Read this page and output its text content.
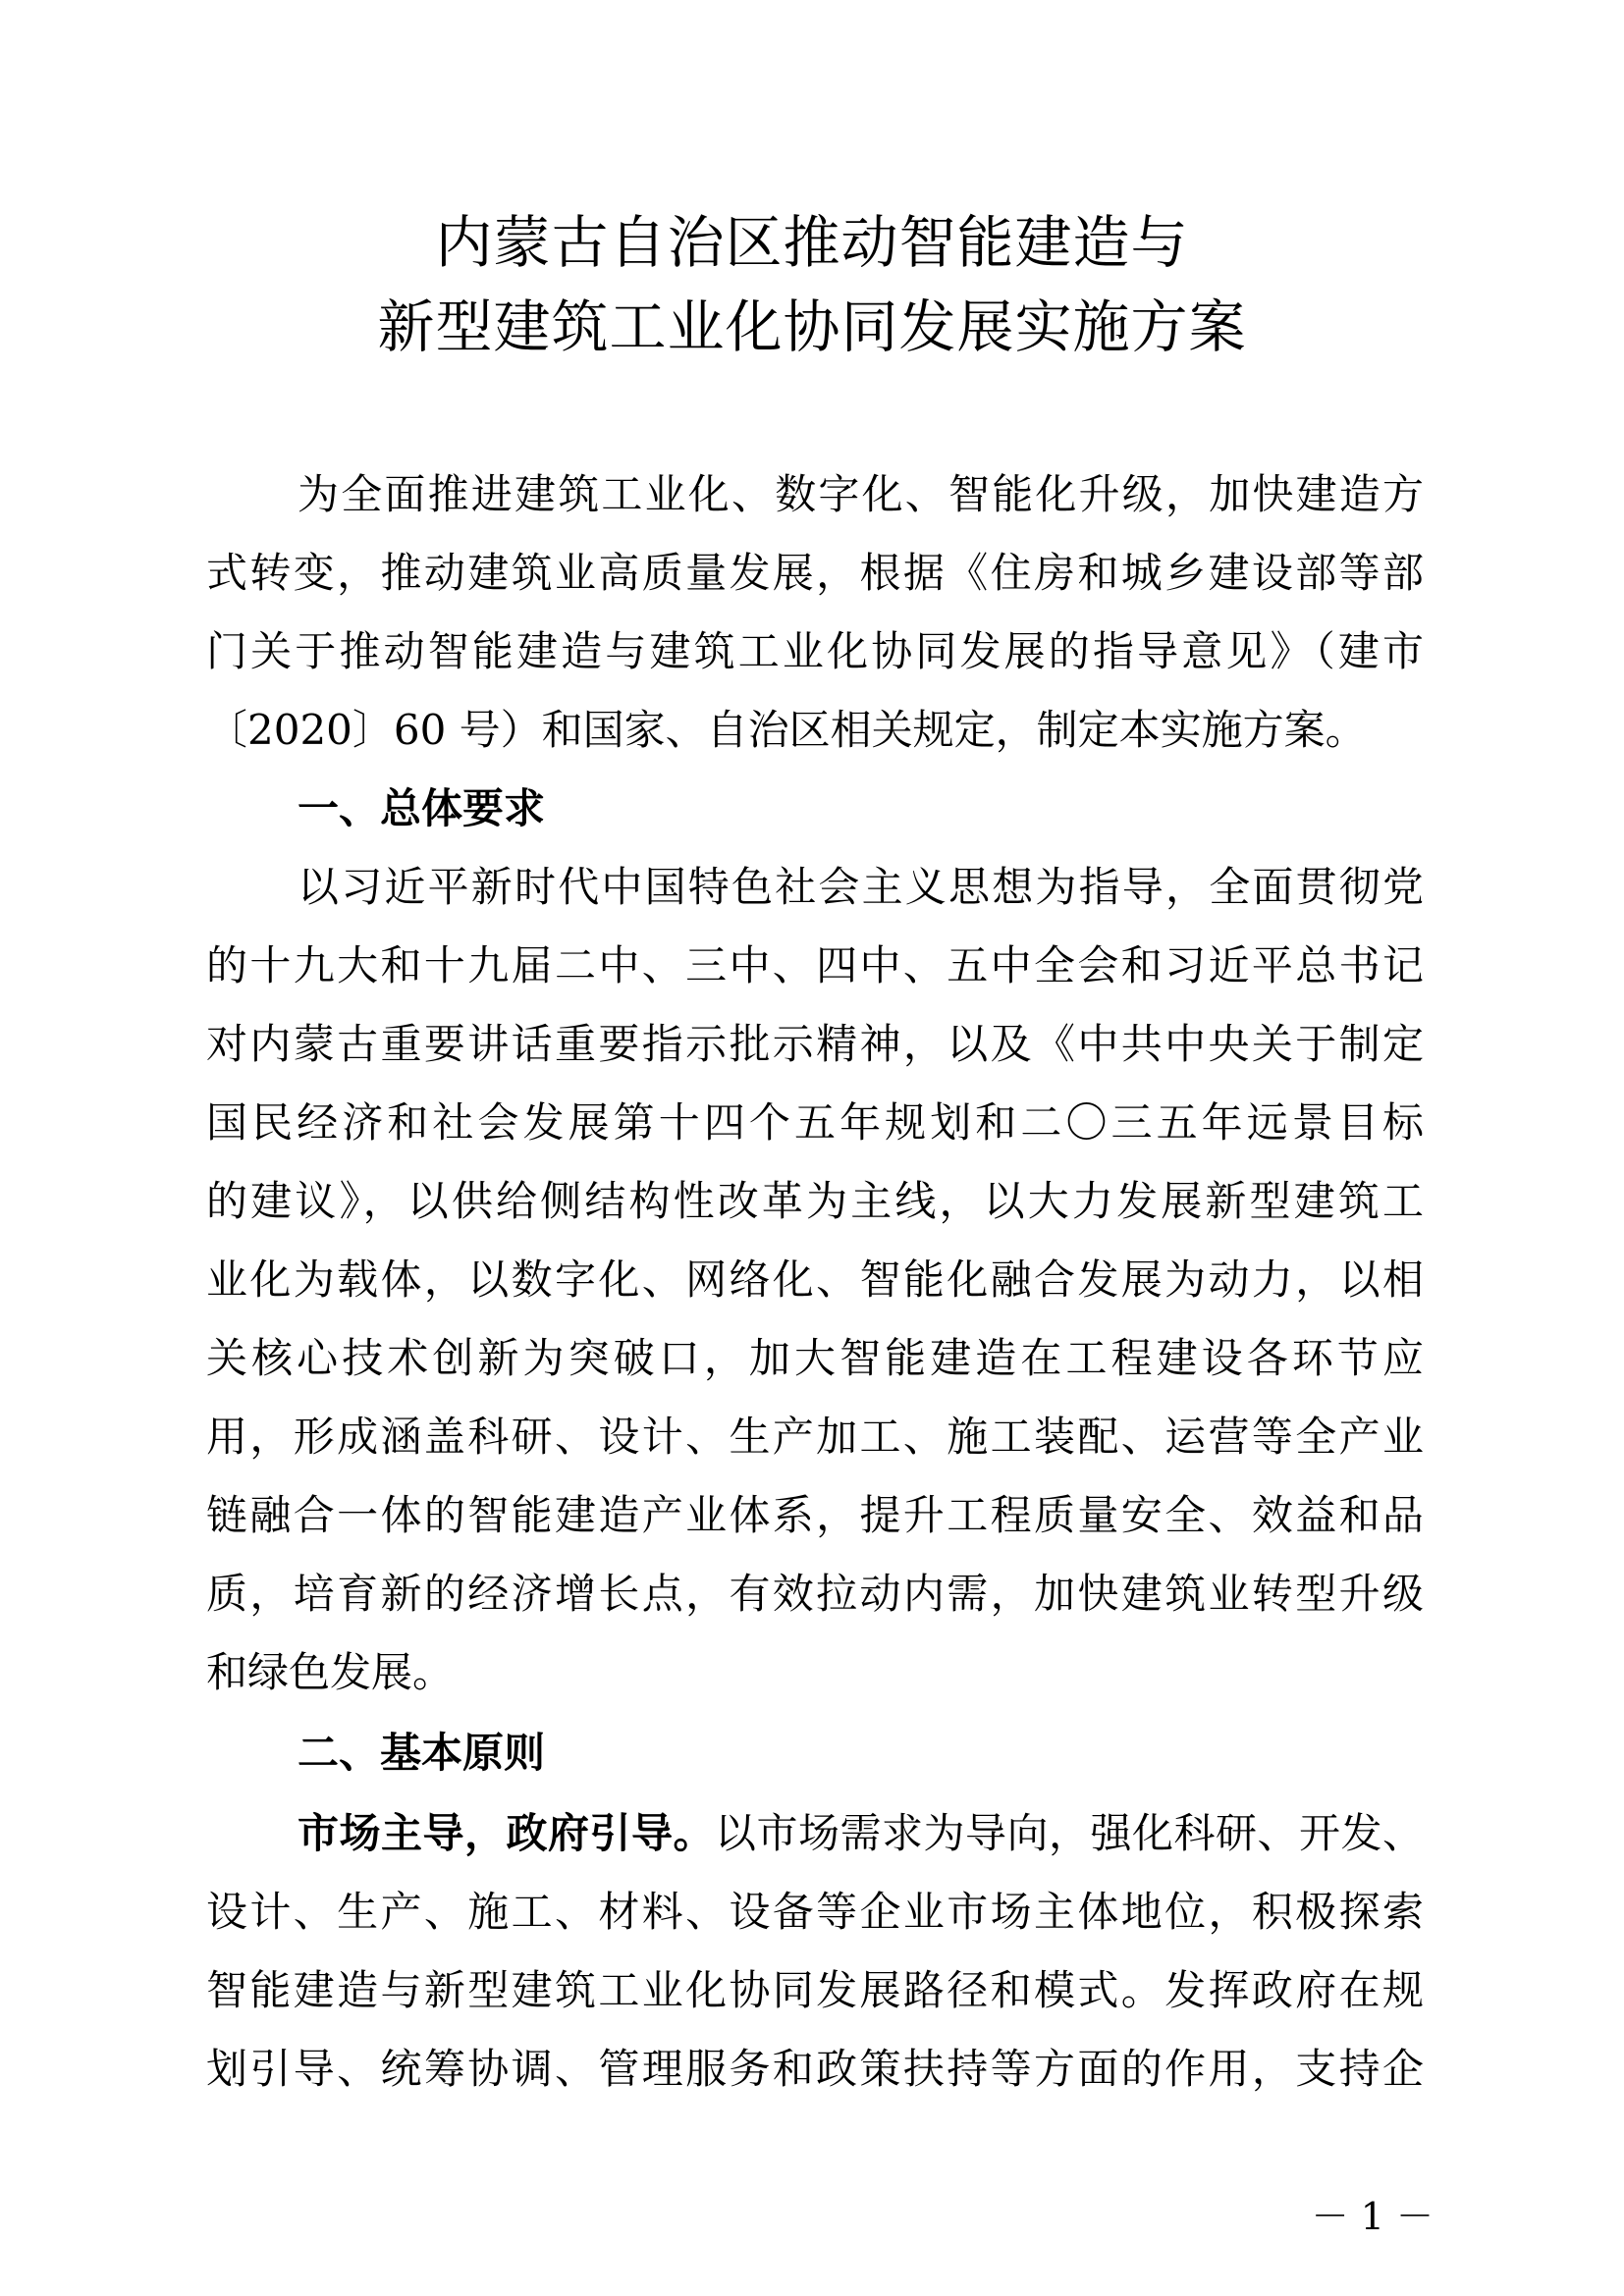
内蒙古自治区推动智能建造与
新型建筑工业化协同发展实施方案
为全面推进建筑工业化、数字化、智能化升级，加快建造方
式转变，推动建筑业高质量发展，根据《住房和城乡建设部等部
门关于推动智能建造与建筑工业化协同发展的指导意见》（建市
〔2020〕60 号）和国家、自治区相关规定，制定本实施方案。
一、总体要求
以习近平新时代中国特色社会主义思想为指导，全面贯彻党
的十九大和十九届二中、三中、四中、五中全会和习近平总书记
对内蒙古重要讲话重要指示批示精神，以及《中共中央关于制定
国民经济和社会发展第十四个五年规划和二〇三五年远景目标
的建议》，以供给侧结构性改革为主线，以大力发展新型建筑工
业化为载体，以数字化、网络化、智能化融合发展为动力，以相
关核心技术创新为突破口，加大智能建造在工程建设各环节应
用，形成涵盖科研、设计、生产加工、施工装配、运营等全产业
链融合一体的智能建造产业体系，提升工程质量安全、效益和品
质，培育新的经济增长点，有效拉动内需，加快建筑业转型升级
和绿色发展。
二、基本原则
市场主导，政府引导。以市场需求为导向，强化科研、开发、
设计、生产、施工、材料、设备等企业市场主体地位，积极探索
智能建造与新型建筑工业化协同发展路径和模式。发挥政府在规
划引导、统筹协调、管理服务和政策扶持等方面的作用，支持企
－ 1 －
